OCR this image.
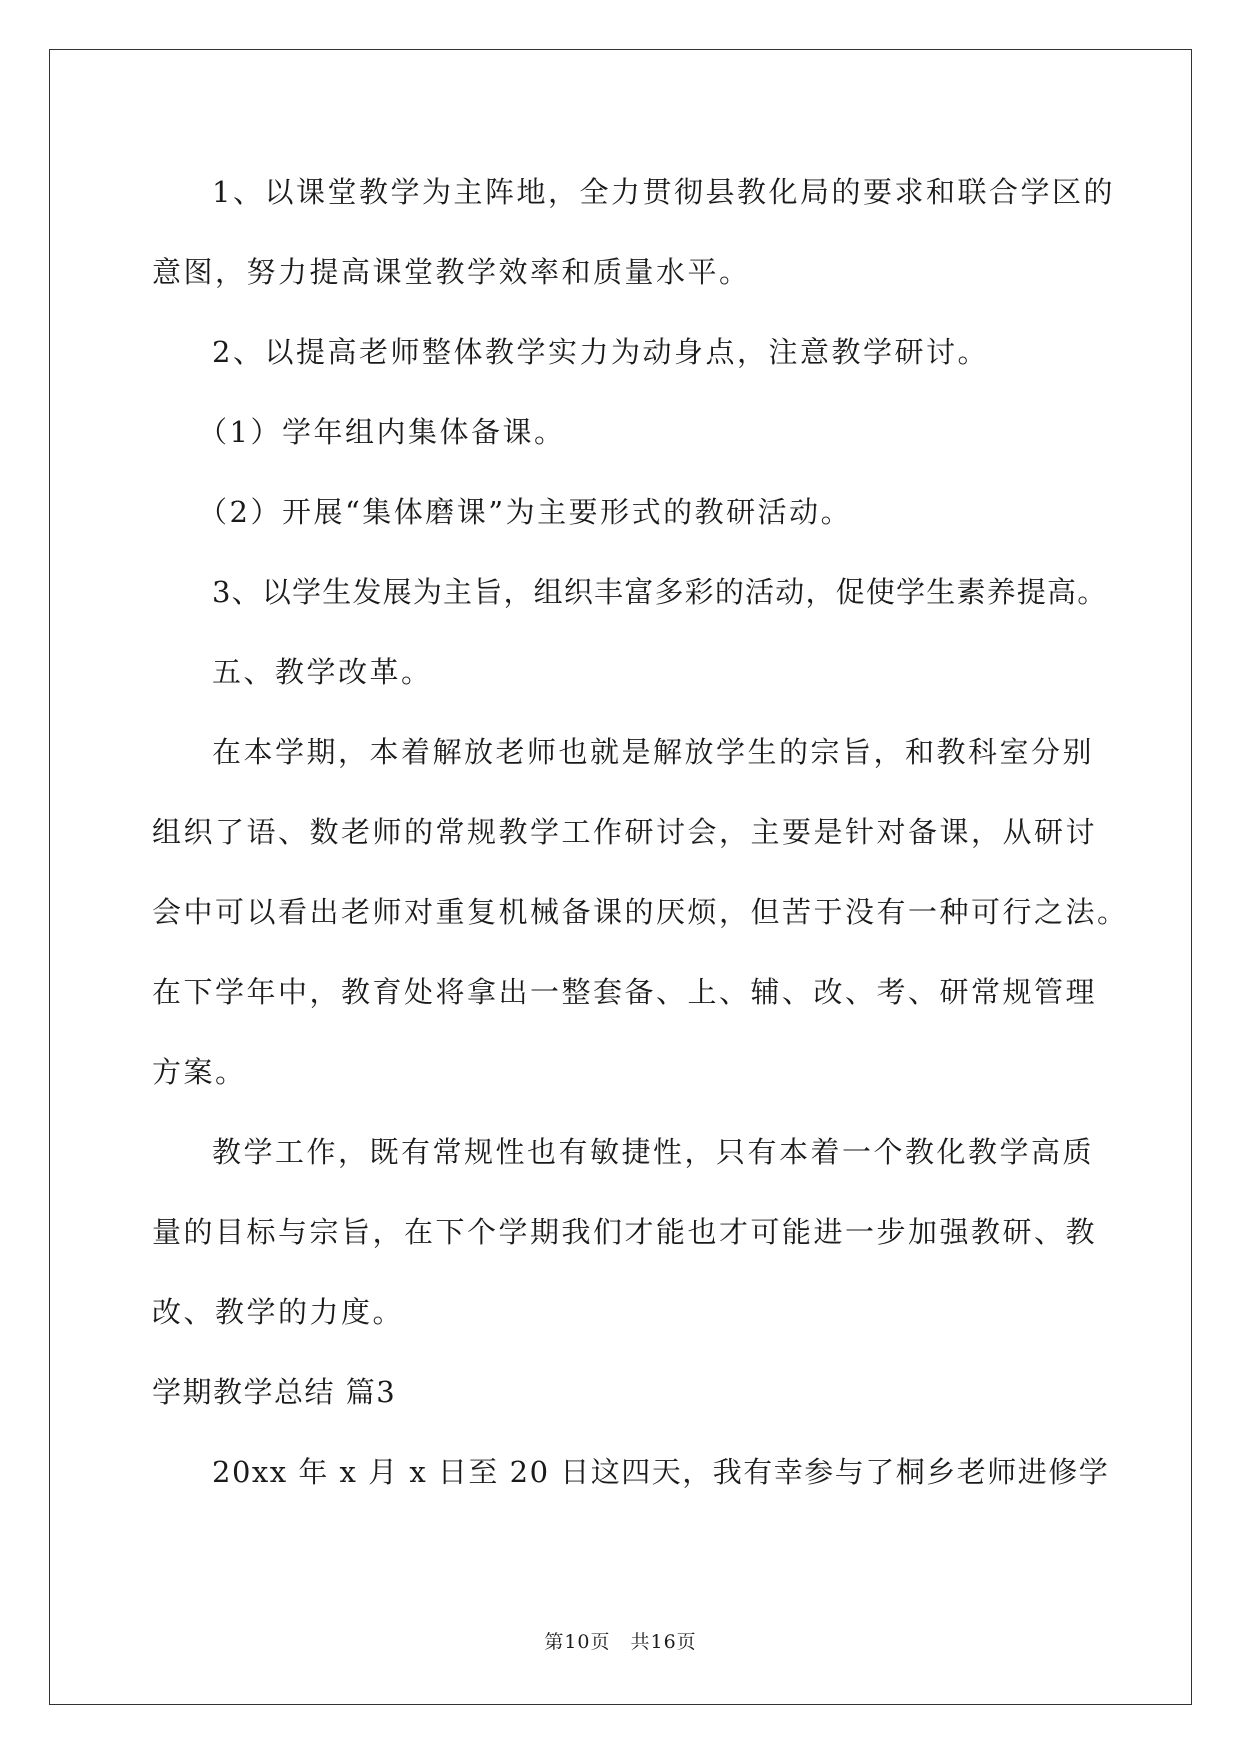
1、以课堂教学为主阵地，全力贯彻县教化局的要求和联合学区的
意图，努力提高课堂教学效率和质量水平。
2、以提高老师整体教学实力为动身点，注意教学研讨。
（1）学年组内集体备课。
（2）开展“集体磨课”为主要形式的教研活动。
3、以学生发展为主旨，组织丰富多彩的活动，促使学生素养提高。
五、教学改革。
在本学期，本着解放老师也就是解放学生的宗旨，和教科室分别
组织了语、数老师的常规教学工作研讨会，主要是针对备课，从研讨
会中可以看出老师对重复机械备课的厌烦，但苦于没有一种可行之法。
在下学年中，教育处将拿出一整套备、上、辅、改、考、研常规管理
方案。
教学工作，既有常规性也有敏捷性，只有本着一个教化教学高质
量的目标与宗旨，在下个学期我们才能也才可能进一步加强教研、教
改、教学的力度。
学期教学总结 篇3
20xx 年 x 月 x 日至 20 日这四天，我有幸参与了桐乡老师进修学
第10页　共16页
